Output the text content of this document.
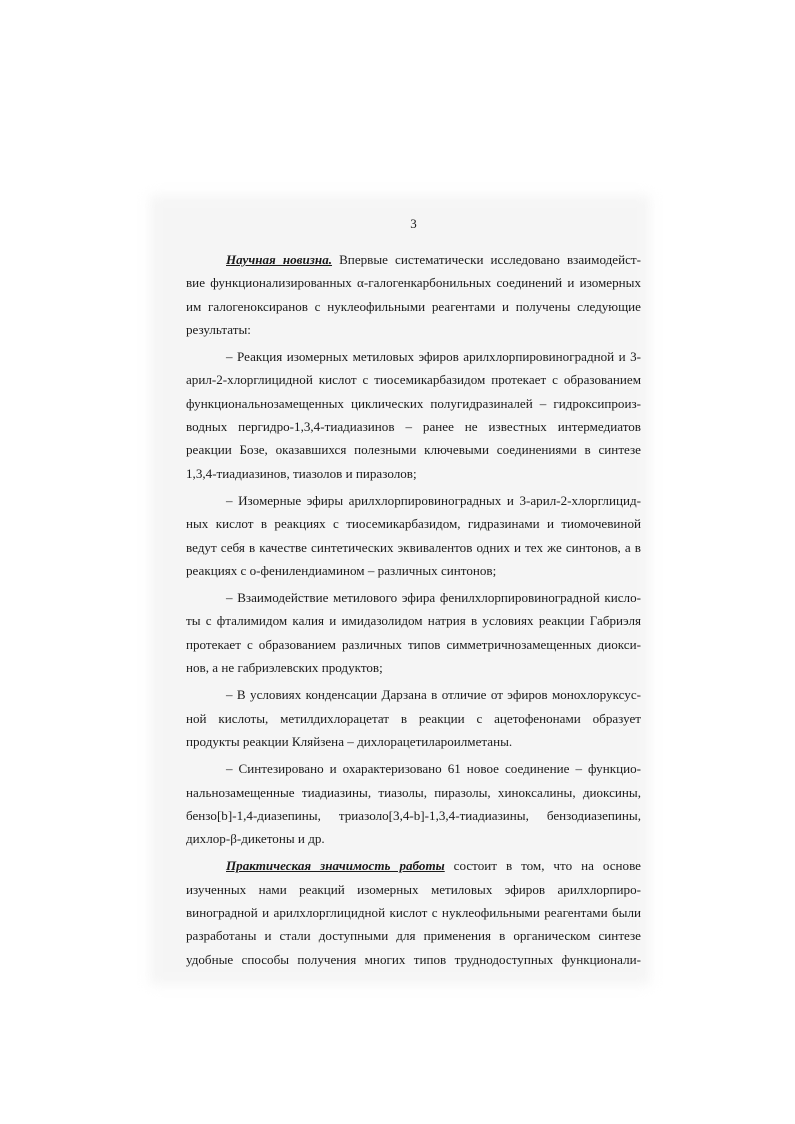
3
Научная новизна. Впервые систематически исследовано взаимодейст-
вие функционализированных α-галогенкарбонильных соединений и изомерных
им галогеноксиранов с нуклеофильными реагентами и получены следующие
результаты:
– Реакция изомерных метиловых эфиров арилхлорпировиноградной и 3-
арил-2-хлорглицидной кислот с тиосемикарбазидом протекает с образованием
функциональнозамещенных циклических полугидразиналей – гидроксипроиз-
водных пергидро-1,3,4-тиадиазинов – ранее не известных интермедиатов
реакции Бозе, оказавшихся полезными ключевыми соединениями в синтезе
1,3,4-тиадиазинов, тиазолов и пиразолов;
– Изомерные эфиры арилхлорпировиноградных и 3-арил-2-хлорглицид-
ных кислот в реакциях с тиосемикарбазидом, гидразинами и тиомочевиной
ведут себя в качестве синтетических эквивалентов одних и тех же синтонов, а в
реакциях с о-фенилендиамином – различных синтонов;
– Взаимодействие метилового эфира фенилхлорпировиноградной кисло-
ты с фталимидом калия и имидазолидом натрия в условиях реакции Габриэля
протекает с образованием различных типов симметричнозамещенных диокси-
нов, а не габриэлевских продуктов;
– В условиях конденсации Дарзана в отличие от эфиров монохлоруксус-
ной кислоты, метилдихлорацетат в реакции с ацетофенонами образует
продукты реакции Кляйзена – дихлорацетилароилметаны.
– Синтезировано и охарактеризовано 61 новое соединение – функцио-
нальнозамещенные тиадиазины, тиазолы, пиразолы, хиноксалины, диоксины,
бензо[b]-1,4-диазепины, триазоло[3,4-b]-1,3,4-тиадиазины, бензодиазепины,
дихлор-β-дикетоны и др.
Практическая значимость работы состоит в том, что на основе
изученных нами реакций изомерных метиловых эфиров арилхлорпиро-
виноградной и арилхлорглицидной кислот с нуклеофильными реагентами были
разработаны и стали доступными для применения в органическом синтезе
удобные способы получения многих типов труднодоступных функционали-
